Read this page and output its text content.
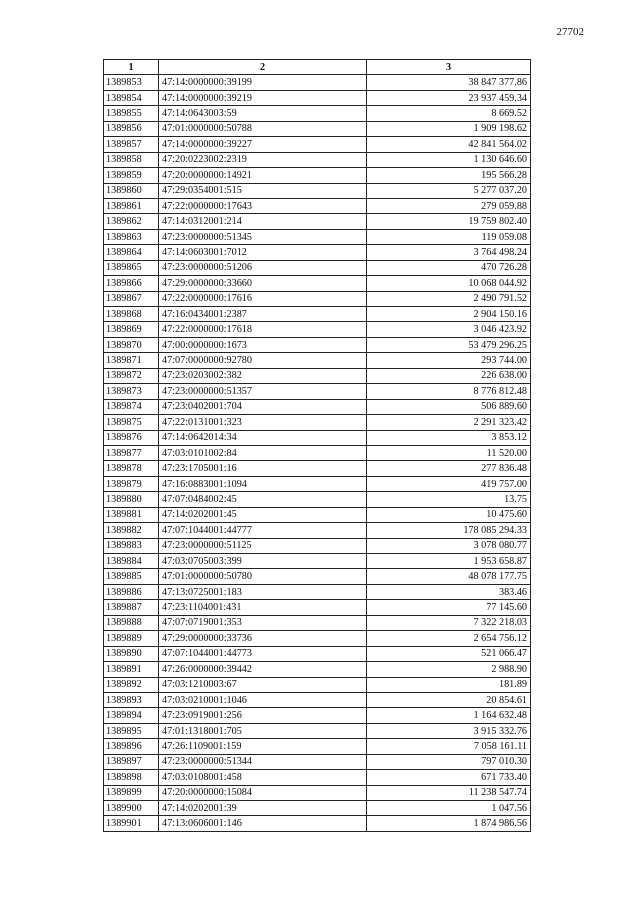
27702
1	2	3
1389853	47:14:0000000:39199	38 847 377.86
1389854	47:14:0000000:39219	23 937 459.34
1389855	47:14:0643003:59	8 669.52
1389856	47:01:0000000:50788	1 909 198.62
1389857	47:14:0000000:39227	42 841 564.02
1389858	47:20:0223002:2319	1 130 646.60
1389859	47:20:0000000:14921	195 566.28
1389860	47:29:0354001:515	5 277 037.20
1389861	47:22:0000000:17643	279 059.88
1389862	47:14:0312001:214	19 759 802.40
1389863	47:23:0000000:51345	119 059.08
1389864	47:14:0603001:7012	3 764 498.24
1389865	47:23:0000000:51206	470 726.28
1389866	47:29:0000000:33660	10 068 044.92
1389867	47:22:0000000:17616	2 490 791.52
1389868	47:16:0434001:2387	2 904 150.16
1389869	47:22:0000000:17618	3 046 423.92
1389870	47:00:0000000:1673	53 479 296.25
1389871	47:07:0000000:92780	293 744.00
1389872	47:23:0203002:382	226 638.00
1389873	47:23:0000000:51357	8 776 812.48
1389874	47:23:0402001:704	506 889.60
1389875	47:22:0131001:323	2 291 323.42
1389876	47:14:0642014:34	3 853.12
1389877	47:03:0101002:84	11 520.00
1389878	47:23:1705001:16	277 836.48
1389879	47:16:0883001:1094	419 757.00
1389880	47:07:0484002:45	13.75
1389881	47:14:0202001:45	10 475.60
1389882	47:07:1044001:44777	178 085 294.33
1389883	47:23:0000000:51125	3 078 080.77
1389884	47:03:0705003:399	1 953 658.87
1389885	47:01:0000000:50780	48 078 177.75
1389886	47:13:0725001:183	383.46
1389887	47:23:1104001:431	77 145.60
1389888	47:07:0719001:353	7 322 218.03
1389889	47:29:0000000:33736	2 654 756.12
1389890	47:07:1044001:44773	521 066.47
1389891	47:26:0000000:39442	2 988.90
1389892	47:03:1210003:67	181.89
1389893	47:03:0210001:1046	20 854.61
1389894	47:23:0919001:256	1 164 632.48
1389895	47:01:1318001:705	3 915 332.76
1389896	47:26:1109001:159	7 058 161.11
1389897	47:23:0000000:51344	797 010.30
1389898	47:03:0108001:458	671 733.40
1389899	47:20:0000000:15084	11 238 547.74
1389900	47:14:0202001:39	1 047.56
1389901	47:13:0606001:146	1 874 986.56
